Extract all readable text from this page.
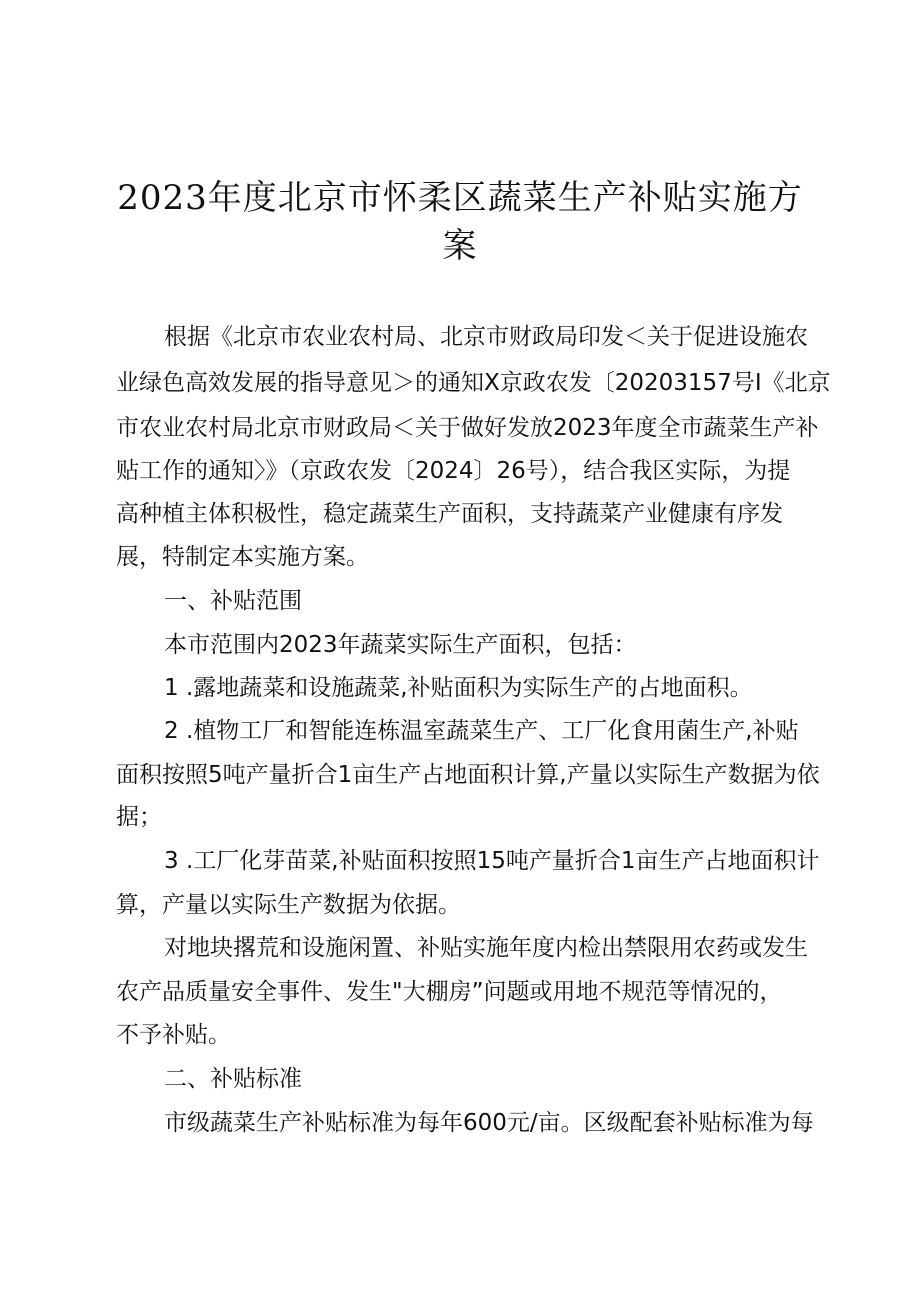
2023年度北京市怀柔区蔬菜生产补贴实施方
案

根据《北京市农业农村局、北京市财政局印发＜关于促进设施农

业绿色高效发展的指导意见＞的通知X京政农发〔20203157号I《北京

市农业农村局北京市财政局＜关于做好发放2023年度全市蔬菜生产补

贴工作的通知〉》（京政农发〔2024〕26号），结合我区实际，为提

高种植主体积极性，稳定蔬菜生产面积，支持蔬菜产业健康有序发

展，特制定本实施方案。

一、补贴范围

本市范围内2023年蔬菜实际生产面积，包括：

1 .露地蔬菜和设施蔬菜,补贴面积为实际生产的占地面积。

2 .植物工厂和智能连栋温室蔬菜生产、工厂化食用菌生产,补贴

面积按照5吨产量折合1亩生产占地面积计算,产量以实际生产数据为依

据；

3 .工厂化芽苗菜,补贴面积按照15吨产量折合1亩生产占地面积计

算，产量以实际生产数据为依据。

对地块撂荒和设施闲置、补贴实施年度内检出禁限用农药或发生

农产品质量安全事件、发生"大棚房”问题或用地不规范等情况的，

不予补贴。

二、补贴标准

市级蔬菜生产补贴标准为每年600元/亩。区级配套补贴标准为每
